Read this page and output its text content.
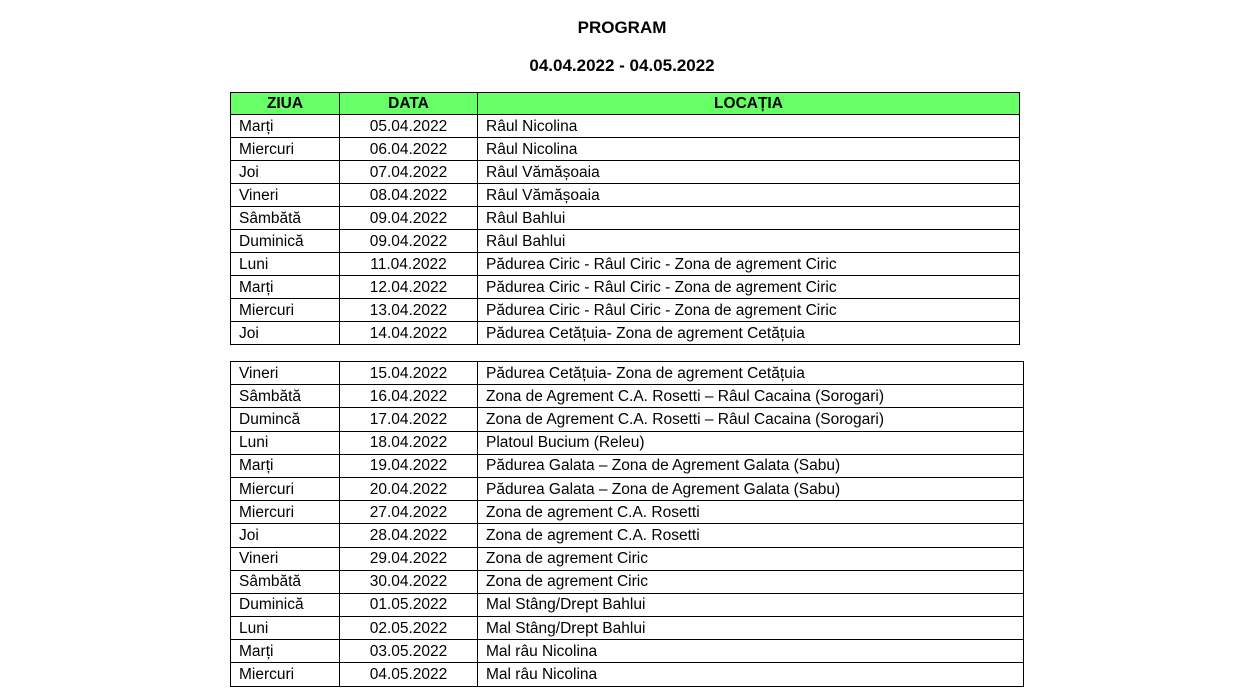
PROGRAM
04.04.2022 - 04.05.2022
ZIUA	DATA	LOCAȚIA
Marți	05.04.2022	Râul Nicolina
Miercuri	06.04.2022	Râul Nicolina
Joi	07.04.2022	Râul Vămășoaia
Vineri	08.04.2022	Râul Vămășoaia
Sâmbătă	09.04.2022	Râul Bahlui
Duminică	09.04.2022	Râul Bahlui
Luni	11.04.2022	Pădurea Ciric - Râul Ciric - Zona de agrement Ciric
Marți	12.04.2022	Pădurea Ciric - Râul Ciric - Zona de agrement Ciric
Miercuri	13.04.2022	Pădurea Ciric - Râul Ciric - Zona de agrement Ciric
Joi	14.04.2022	Pădurea Cetățuia- Zona de agrement Cetățuia
Vineri	15.04.2022	Pădurea Cetățuia- Zona de agrement Cetățuia
Sâmbătă	16.04.2022	Zona de Agrement C.A. Rosetti – Râul Cacaina (Sorogari)
Dumincă	17.04.2022	Zona de Agrement C.A. Rosetti – Râul Cacaina (Sorogari)
Luni	18.04.2022	Platoul Bucium (Releu)
Marți	19.04.2022	Pădurea Galata – Zona de Agrement Galata (Sabu)
Miercuri	20.04.2022	Pădurea Galata – Zona de Agrement Galata (Sabu)
Miercuri	27.04.2022	Zona de agrement C.A. Rosetti
Joi	28.04.2022	Zona de agrement C.A. Rosetti
Vineri	29.04.2022	Zona de agrement Ciric
Sâmbătă	30.04.2022	Zona de agrement Ciric
Duminică	01.05.2022	Mal Stâng/Drept Bahlui
Luni	02.05.2022	Mal Stâng/Drept Bahlui
Marți	03.05.2022	Mal râu Nicolina
Miercuri	04.05.2022	Mal râu Nicolina
